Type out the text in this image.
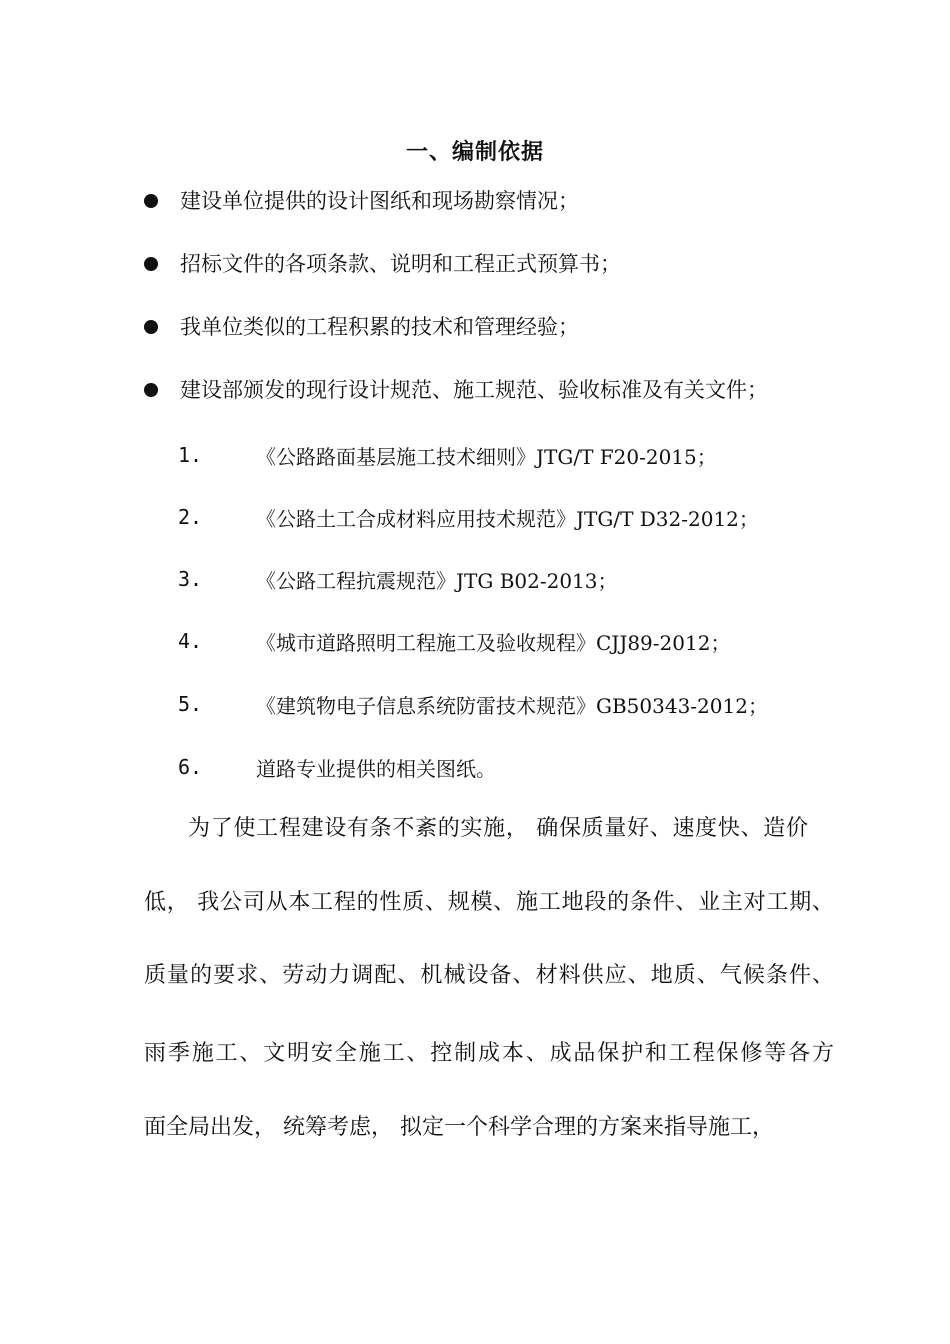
一、编制依据
建设单位提供的设计图纸和现场勘察情况；
招标文件的各项条款、说明和工程正式预算书；
我单位类似的工程积累的技术和管理经验；
建设部颁发的现行设计规范、施工规范、验收标准及有关文件；
1.	《公路路面基层施工技术细则》JTG/T F20-2015；
2.	《公路土工合成材料应用技术规范》JTG/T D32-2012；
3.	《公路工程抗震规范》JTG B02-2013；
4.	《城市道路照明工程施工及验收规程》CJJ89-2012；
5.	《建筑物电子信息系统防雷技术规范》GB50343-2012；
6.	道路专业提供的相关图纸。
为了使工程建设有条不紊的实施， 确保质量好、速度快、造价
低， 我公司从本工程的性质、规模、施工地段的条件、业主对工期、
质量的要求、劳动力调配、机械设备、材料供应、地质、气候条件、
雨季施工、文明安全施工、控制成本、成品保护和工程保修等各方
面全局出发， 统筹考虑， 拟定一个科学合理的方案来指导施工，
